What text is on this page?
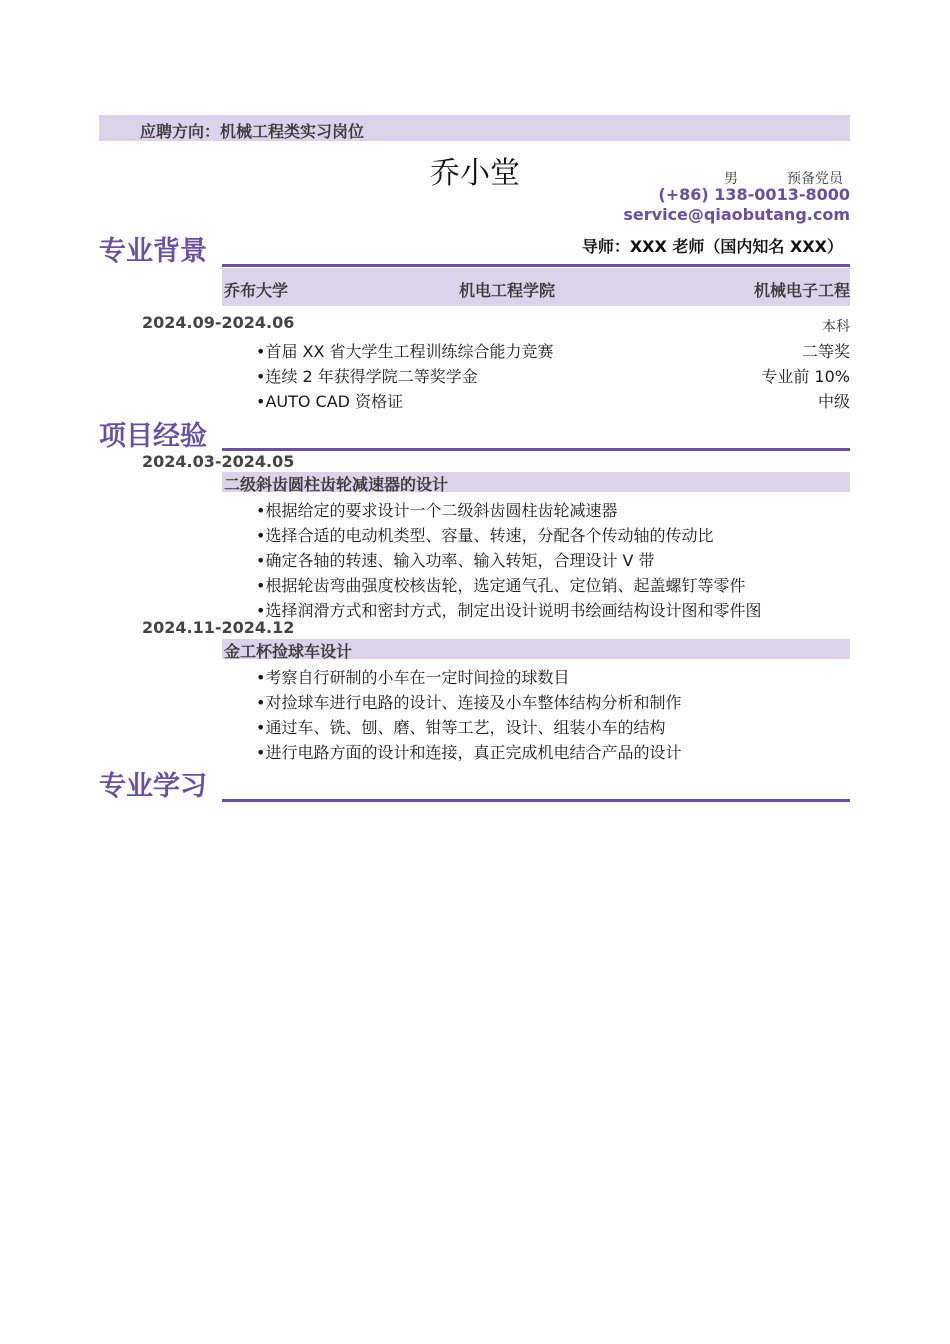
应聘方向：机械工程类实习岗位
乔小堂	男	预备党员
(+86) 138-0013-8000
service@qiaobutang.com
专业背景	导师：XXX 老师（国内知名 XXX）
乔布大学	机电工程学院	机械电子工程
2024.09-2024.06	本科
•首届 XX 省大学生工程训练综合能力竞赛	二等奖
•连续 2 年获得学院二等奖学金	专业前 10%
•AUTO CAD 资格证	中级
项目经验
2024.03-2024.05
二级斜齿圆柱齿轮减速器的设计
•根据给定的要求设计一个二级斜齿圆柱齿轮减速器
•选择合适的电动机类型、容量、转速，分配各个传动轴的传动比
•确定各轴的转速、输入功率、输入转矩，合理设计 V 带
•根据轮齿弯曲强度校核齿轮，选定通气孔、定位销、起盖螺钉等零件
•选择润滑方式和密封方式，制定出设计说明书绘画结构设计图和零件图
2024.11-2024.12
金工杯捡球车设计
•考察自行研制的小车在一定时间捡的球数目
•对捡球车进行电路的设计、连接及小车整体结构分析和制作
•通过车、铣、刨、磨、钳等工艺，设计、组装小车的结构
•进行电路方面的设计和连接，真正完成机电结合产品的设计
专业学习
